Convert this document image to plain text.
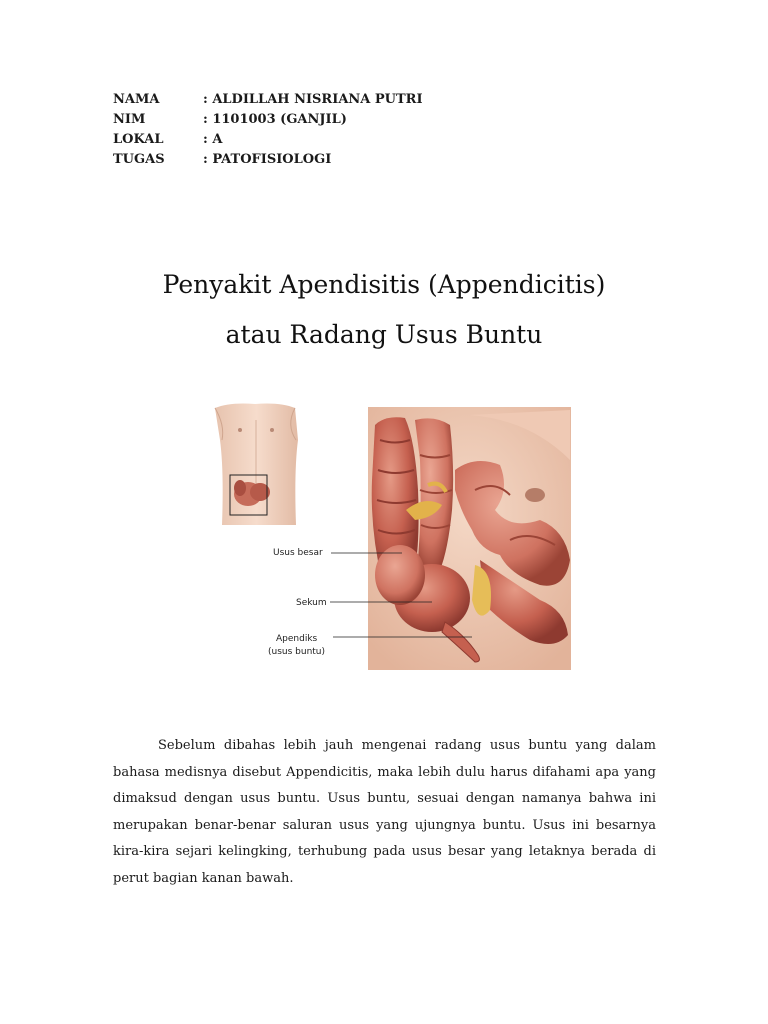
NAMA	: ALDILLAH NISRIANA PUTRI
NIM	: 1101003 (GANJIL)
LOKAL	: A
TUGAS	: PATOFISIOLOGI
Penyakit Apendisitis (Appendicitis)
atau Radang Usus Buntu
Usus besar
Sekum
Apendiks
(usus buntu)
Sebelum dibahas lebih jauh mengenai radang usus buntu yang dalam bahasa medisnya disebut Appendicitis, maka lebih dulu harus difahami apa yang dimaksud dengan usus buntu. Usus buntu, sesuai dengan namanya bahwa ini merupakan benar-benar saluran usus yang ujungnya buntu. Usus ini besarnya kira-kira sejari kelingking, terhubung pada usus besar yang letaknya berada di perut bagian kanan bawah.
